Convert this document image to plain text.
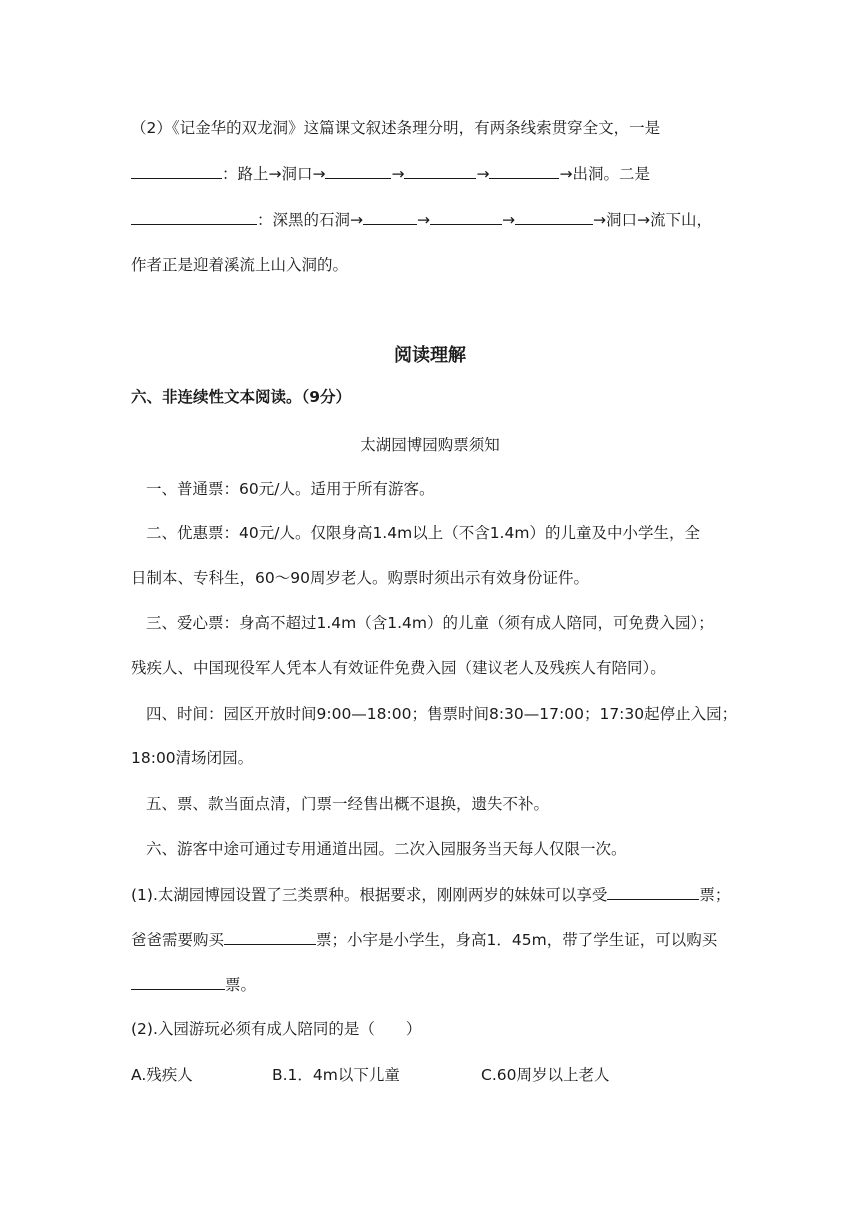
（2）《记金华的双龙洞》这篇课文叙述条理分明，有两条线索贯穿全文，一是
：路上→洞口→	→	→	→出洞。二是
：深黑的石洞→	→	→	→洞口→流下山，
作者正是迎着溪流上山入洞的。
阅读理解
六、非连续性文本阅读。（9分）
太湖园博园购票须知
一、普通票：60元/人。适用于所有游客。
二、优惠票：40元/人。仅限身高1.4m以上（不含1.4m）的儿童及中小学生，全
日制本、专科生，60～90周岁老人。购票时须出示有效身份证件。
三、爱心票：身高不超过1.4m（含1.4m）的儿童（须有成人陪同，可免费入园）；
残疾人、中国现役军人凭本人有效证件免费入园（建议老人及残疾人有陪同）。
四、时间：园区开放时间9:00—18:00；售票时间8:30—17:00；17:30起停止入园；
18:00清场闭园。
五、票、款当面点清，门票一经售出概不退换，遗失不补。
六、游客中途可通过专用通道出园。二次入园服务当天每人仅限一次。
(1).太湖园博园设置了三类票种。根据要求，刚刚两岁的妹妹可以享受	票；
爸爸需要购买	票；小宇是小学生，身高1．45m，带了学生证，可以购买
票。
(2).入园游玩必须有成人陪同的是（　　）
A.残疾人	B.1．4m以下儿童	C.60周岁以上老人
